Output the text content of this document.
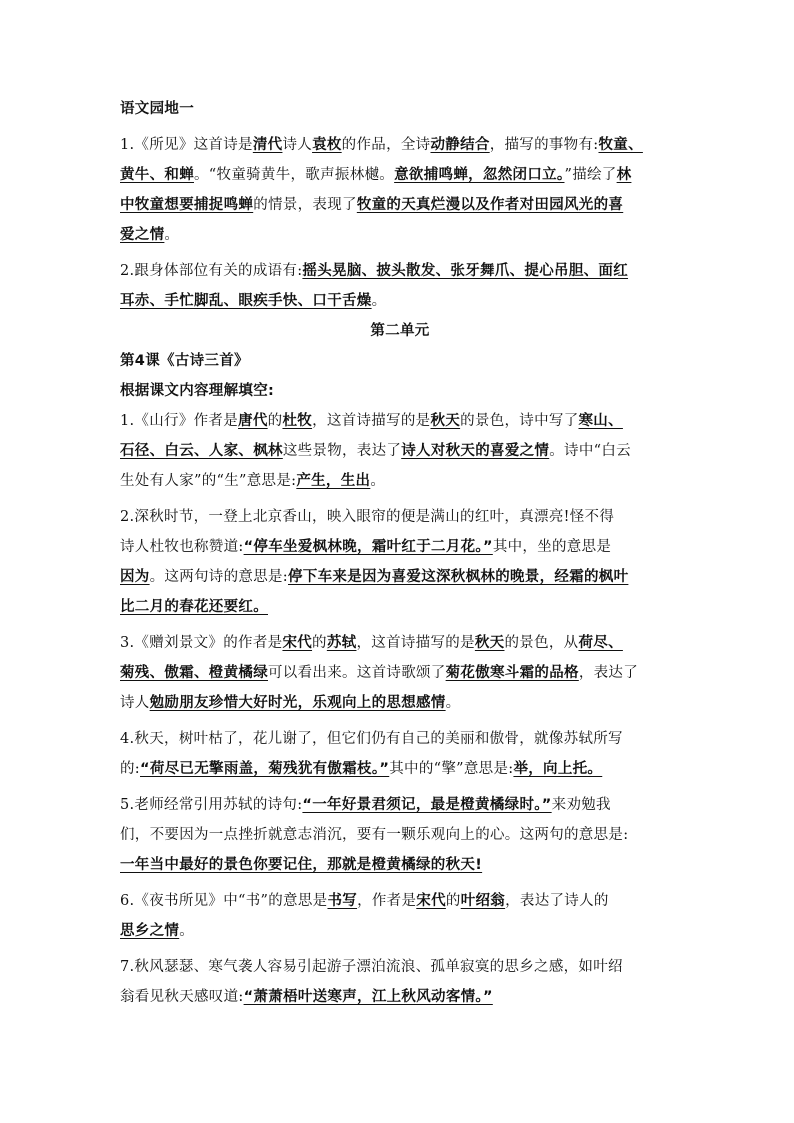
语文园地一

1.《所见》这首诗是清代诗人袁枚的作品，全诗动静结合，描写的事物有:牧童、

黄牛、和蝉。“牧童骑黄牛，歌声振林樾。意欲捕鸣蝉，忽然闭口立。”描绘了林

中牧童想要捕捉鸣蝉的情景，表现了牧童的天真烂漫以及作者对田园风光的喜

爱之情。

2.跟身体部位有关的成语有:摇头晃脑、披头散发、张牙舞爪、提心吊胆、面红

耳赤、手忙脚乱、眼疾手快、口干舌燥。

第二单元

第4课《古诗三首》

根据课文内容理解填空:

1.《山行》作者是唐代的杜牧，这首诗描写的是秋天的景色，诗中写了寒山、

石径、白云、人家、枫林这些景物，表达了诗人对秋天的喜爱之情。诗中“白云

生处有人家”的“生”意思是:产生，生出。

2.深秋时节，一登上北京香山，映入眼帘的便是满山的红叶，真漂亮!怪不得

诗人杜牧也称赞道:“停车坐爱枫林晚，霜叶红于二月花。”其中，坐的意思是

因为。这两句诗的意思是:停下车来是因为喜爱这深秋枫林的晚景，经霜的枫叶

比二月的春花还要红。

3.《赠刘景文》的作者是宋代的苏轼，这首诗描写的是秋天的景色，从荷尽、

菊残、傲霜、橙黄橘绿可以看出来。这首诗歌颂了菊花傲寒斗霜的品格，表达了

诗人勉励朋友珍惜大好时光，乐观向上的思想感情。

4.秋天，树叶枯了，花儿谢了，但它们仍有自己的美丽和傲骨，就像苏轼所写

的:“荷尽已无擎雨盖，菊残犹有傲霜枝。”其中的“擎”意思是:举，向上托。

5.老师经常引用苏轼的诗句:“一年好景君须记，最是橙黄橘绿时。”来劝勉我

们，不要因为一点挫折就意志消沉，要有一颗乐观向上的心。这两句的意思是:

一年当中最好的景色你要记住，那就是橙黄橘绿的秋天!

6.《夜书所见》中“书”的意思是书写，作者是宋代的叶绍翁，表达了诗人的

思乡之情。

7.秋风瑟瑟、寒气袭人容易引起游子漂泊流浪、孤单寂寞的思乡之感，如叶绍

翁看见秋天感叹道:“萧萧梧叶送寒声，江上秋风动客情。”
